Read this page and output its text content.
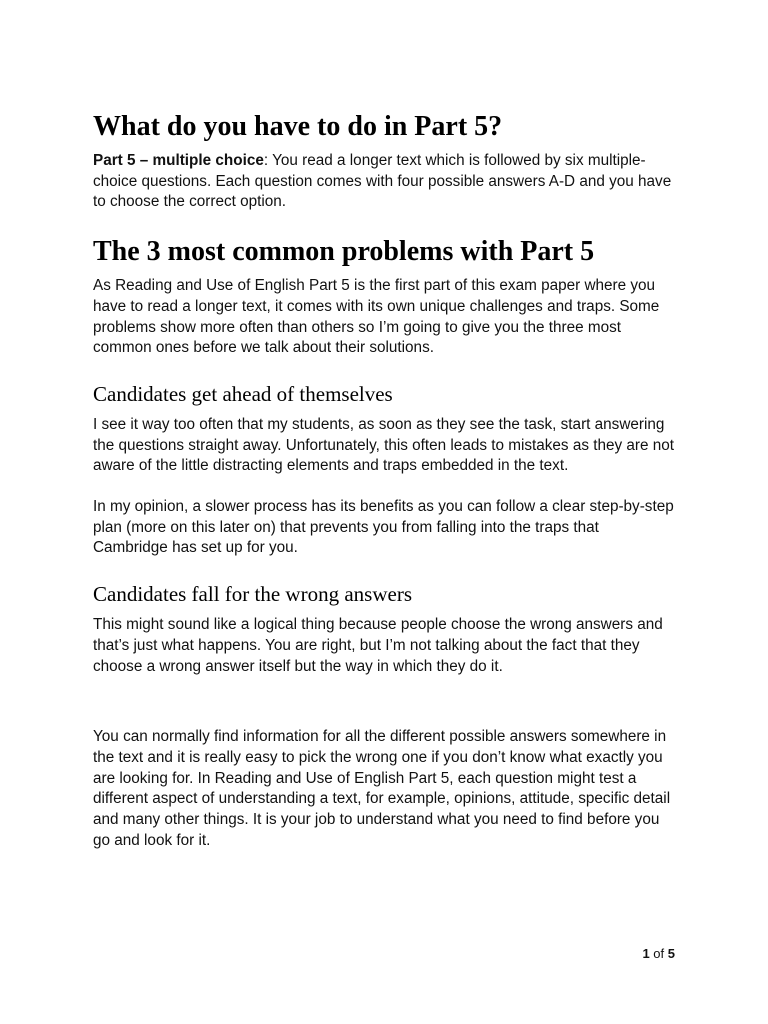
What do you have to do in Part 5?

Part 5 – multiple choice: You read a longer text which is followed by six multiple-choice questions. Each question comes with four possible answers A-D and you have to choose the correct option.

The 3 most common problems with Part 5

As Reading and Use of English Part 5 is the first part of this exam paper where you have to read a longer text, it comes with its own unique challenges and traps. Some problems show more often than others so I’m going to give you the three most common ones before we talk about their solutions.

Candidates get ahead of themselves

I see it way too often that my students, as soon as they see the task, start answering the questions straight away. Unfortunately, this often leads to mistakes as they are not aware of the little distracting elements and traps embedded in the text.

In my opinion, a slower process has its benefits as you can follow a clear step-by-step plan (more on this later on) that prevents you from falling into the traps that Cambridge has set up for you.

Candidates fall for the wrong answers

This might sound like a logical thing because people choose the wrong answers and that’s just what happens. You are right, but I’m not talking about the fact that they choose a wrong answer itself but the way in which they do it.

You can normally find information for all the different possible answers somewhere in the text and it is really easy to pick the wrong one if you don’t know what exactly you are looking for. In Reading and Use of English Part 5, each question might test a different aspect of understanding a text, for example, opinions, attitude, specific detail and many other things. It is your job to understand what you need to find before you go and look for it.

1 of 5
